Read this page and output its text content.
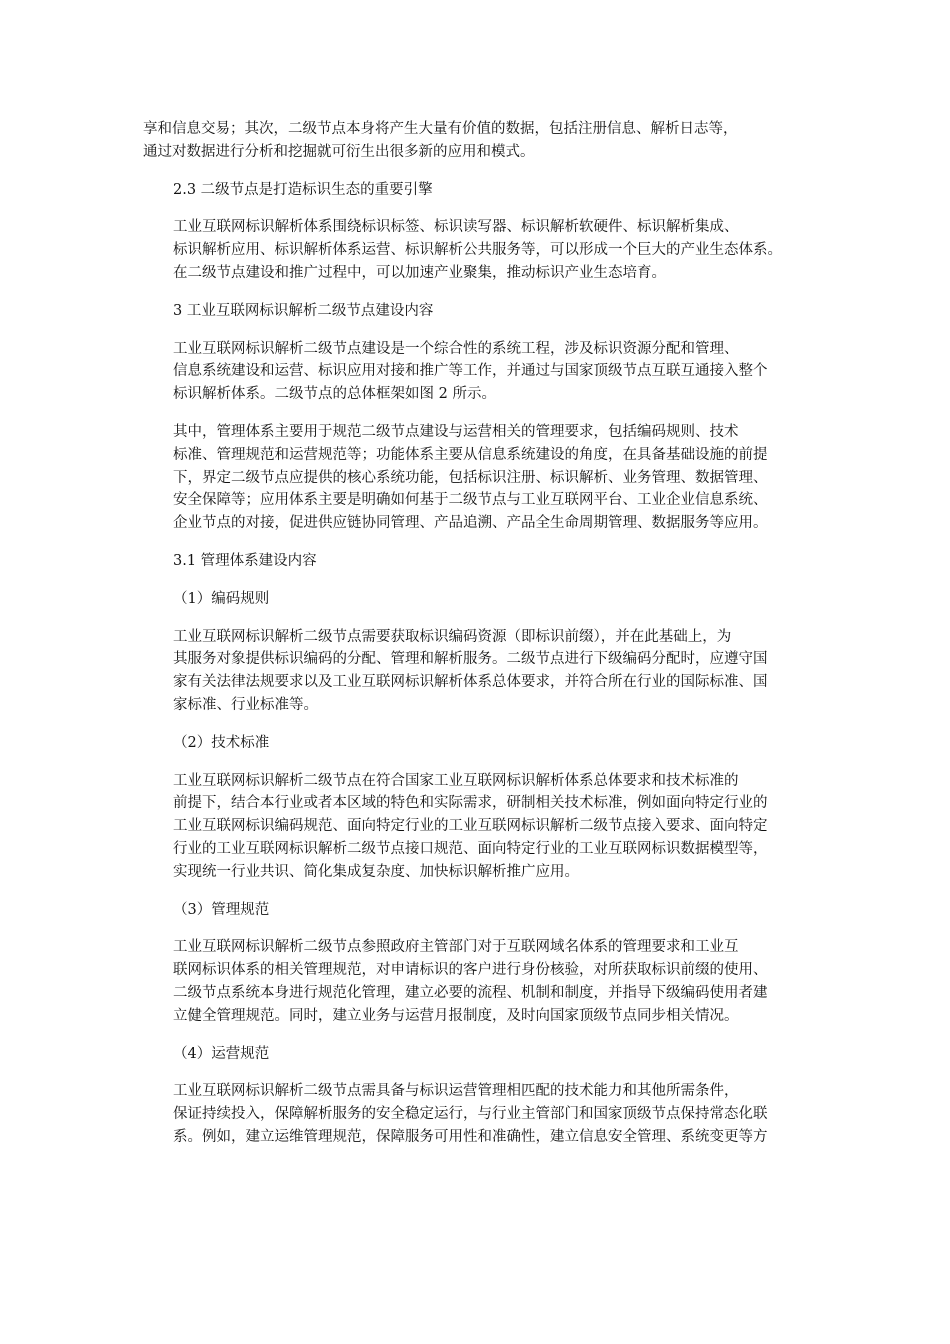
享和信息交易；其次，二级节点本身将产生大量有价值的数据，包括注册信息、解析日志等，
通过对数据进行分析和挖掘就可衍生出很多新的应用和模式。
2.3 二级节点是打造标识生态的重要引擎
工业互联网标识解析体系围绕标识标签、标识读写器、标识解析软硬件、标识解析集成、
标识解析应用、标识解析体系运营、标识解析公共服务等，可以形成一个巨大的产业生态体系。
在二级节点建设和推广过程中，可以加速产业聚集，推动标识产业生态培育。
3 工业互联网标识解析二级节点建设内容
工业互联网标识解析二级节点建设是一个综合性的系统工程，涉及标识资源分配和管理、
信息系统建设和运营、标识应用对接和推广等工作，并通过与国家顶级节点互联互通接入整个
标识解析体系。二级节点的总体框架如图 2 所示。
其中，管理体系主要用于规范二级节点建设与运营相关的管理要求，包括编码规则、技术
标准、管理规范和运营规范等；功能体系主要从信息系统建设的角度，在具备基础设施的前提
下，界定二级节点应提供的核心系统功能，包括标识注册、标识解析、业务管理、数据管理、
安全保障等；应用体系主要是明确如何基于二级节点与工业互联网平台、工业企业信息系统、
企业节点的对接，促进供应链协同管理、产品追溯、产品全生命周期管理、数据服务等应用。
3.1 管理体系建设内容
（1）编码规则
工业互联网标识解析二级节点需要获取标识编码资源（即标识前缀），并在此基础上，为
其服务对象提供标识编码的分配、管理和解析服务。二级节点进行下级编码分配时，应遵守国
家有关法律法规要求以及工业互联网标识解析体系总体要求，并符合所在行业的国际标准、国
家标准、行业标准等。
（2）技术标准
工业互联网标识解析二级节点在符合国家工业互联网标识解析体系总体要求和技术标准的
前提下，结合本行业或者本区域的特色和实际需求，研制相关技术标准，例如面向特定行业的
工业互联网标识编码规范、面向特定行业的工业互联网标识解析二级节点接入要求、面向特定
行业的工业互联网标识解析二级节点接口规范、面向特定行业的工业互联网标识数据模型等，
实现统一行业共识、简化集成复杂度、加快标识解析推广应用。
（3）管理规范
工业互联网标识解析二级节点参照政府主管部门对于互联网域名体系的管理要求和工业互
联网标识体系的相关管理规范，对申请标识的客户进行身份核验，对所获取标识前缀的使用、
二级节点系统本身进行规范化管理，建立必要的流程、机制和制度，并指导下级编码使用者建
立健全管理规范。同时，建立业务与运营月报制度，及时向国家顶级节点同步相关情况。
（4）运营规范
工业互联网标识解析二级节点需具备与标识运营管理相匹配的技术能力和其他所需条件，
保证持续投入，保障解析服务的安全稳定运行，与行业主管部门和国家顶级节点保持常态化联
系。例如，建立运维管理规范，保障服务可用性和准确性，建立信息安全管理、系统变更等方
